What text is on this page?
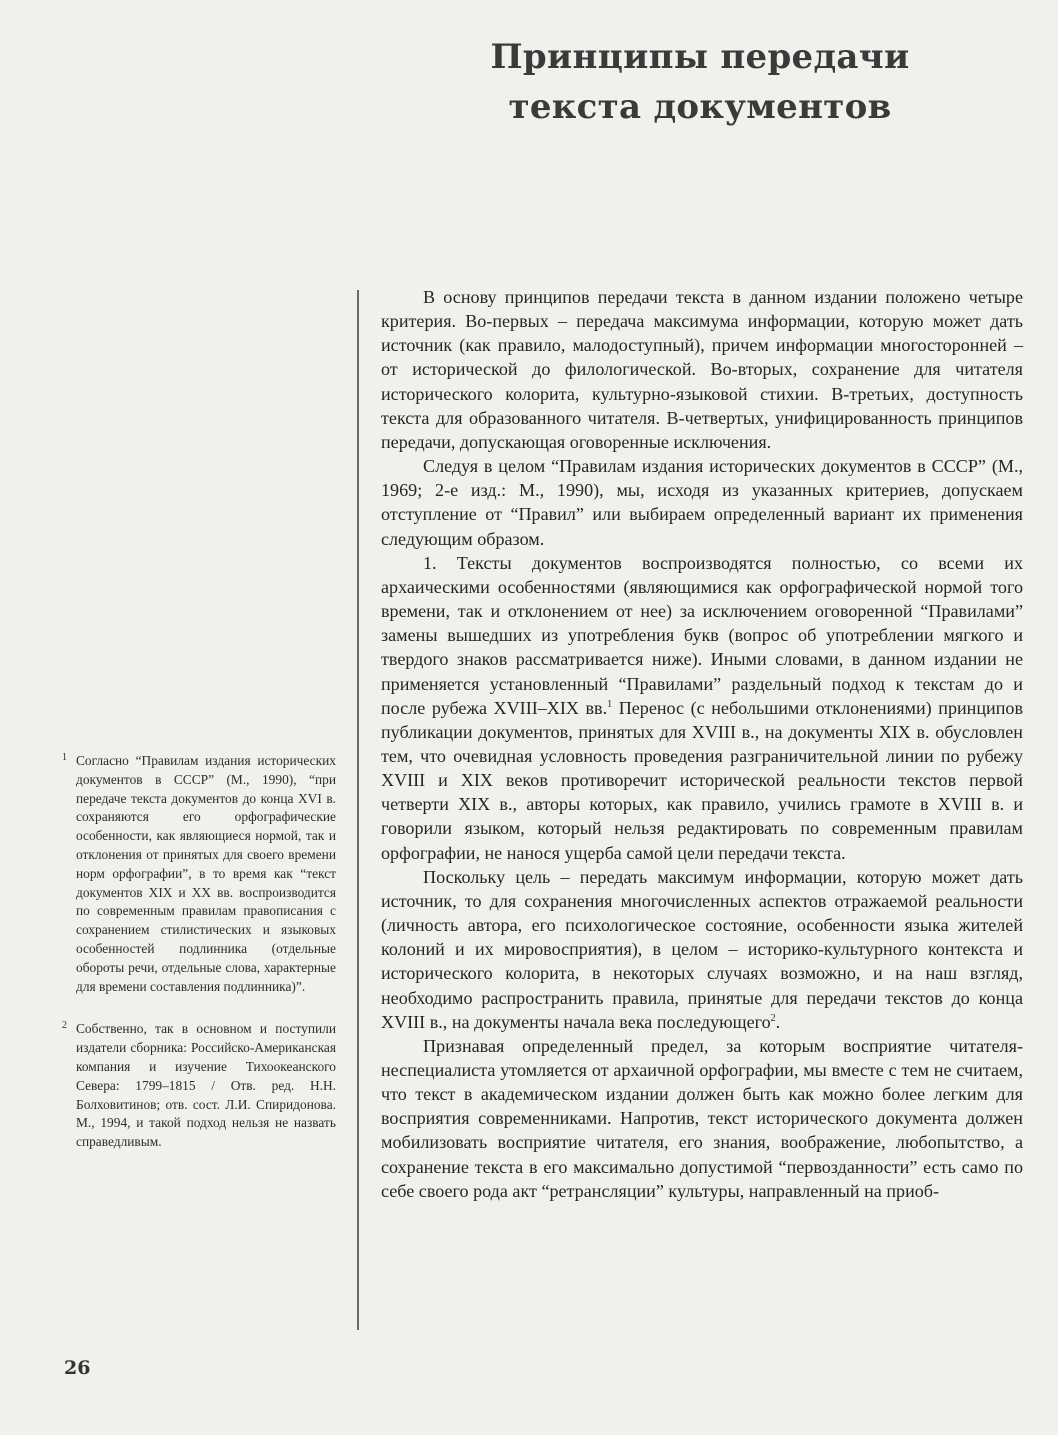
Принципы передачи
текста документов

В основу принципов передачи текста в данном издании положено четыре критерия. Во-первых – передача максимума информации, которую может дать источник (как правило, малодоступный), причем информации многосторонней – от исторической до филологической. Во-вторых, сохранение для читателя исторического колорита, культурно-языковой стихии. В-третьих, доступность текста для образованного читателя. В-четвертых, унифицированность принципов передачи, допускающая оговоренные исключения.

Следуя в целом “Правилам издания исторических документов в СССР” (М., 1969; 2-е изд.: М., 1990), мы, исходя из указанных критериев, допускаем отступление от “Правил” или выбираем определенный вариант их применения следующим образом.

1. Тексты документов воспроизводятся полностью, со всеми их архаическими особенностями (являющимися как орфографической нормой того времени, так и отклонением от нее) за исключением оговоренной “Правилами” замены вышедших из употребления букв (вопрос об употреблении мягкого и твердого знаков рассматривается ниже). Иными словами, в данном издании не применяется установленный “Правилами” раздельный подход к текстам до и после рубежа XVIII–XIX вв.$^1$ Перенос (с небольшими отклонениями) принципов публикации документов, принятых для XVIII в., на документы XIX в. обусловлен тем, что очевидная условность проведения разграничительной линии по рубежу XVIII и XIX веков противоречит исторической реальности текстов первой четверти XIX в., авторы которых, как правило, учились грамоте в XVIII в. и говорили языком, который нельзя редактировать по современным правилам орфографии, не нанося ущерба самой цели передачи текста.

Поскольку цель – передать максимум информации, которую может дать источник, то для сохранения многочисленных аспектов отражаемой реальности (личность автора, его психологическое состояние, особенности языка жителей колоний и их мировосприятия), в целом – историко-культурного контекста и исторического колорита, в некоторых случаях возможно, и на наш взгляд, необходимо распространить правила, принятые для передачи текстов до конца XVIII в., на документы начала века последующего$^2$.

Признавая определенный предел, за которым восприятие читателя-неспециалиста утомляется от архаичной орфографии, мы вместе с тем не считаем, что текст в академическом издании должен быть как можно более легким для восприятия современниками. Напротив, текст исторического документа должен мобилизовать восприятие читателя, его знания, воображение, любопытство, а сохранение текста в его максимально допустимой “первозданности” есть само по себе своего рода акт “ретрансляции” культуры, направленный на приоб-

1 Согласно “Правилам издания исторических документов в СССР” (М., 1990), “при передаче текста документов до конца XVI в. сохраняются его орфографические особенности, как являющиеся нормой, так и отклонения от принятых для своего времени норм орфографии”, в то время как “текст документов XIX и XX вв. воспроизводится по современным правилам правописания с сохранением стилистических и языковых особенностей подлинника (отдельные обороты речи, отдельные слова, характерные для времени составления подлинника)”.
2 Собственно, так в основном и поступили издатели сборника: Российско-Американская компания и изучение Тихоокеанского Севера: 1799–1815 / Отв. ред. Н.Н. Болховитинов; отв. сост. Л.И. Спиридонова. М., 1994, и такой подход нельзя не назвать справедливым.
26
